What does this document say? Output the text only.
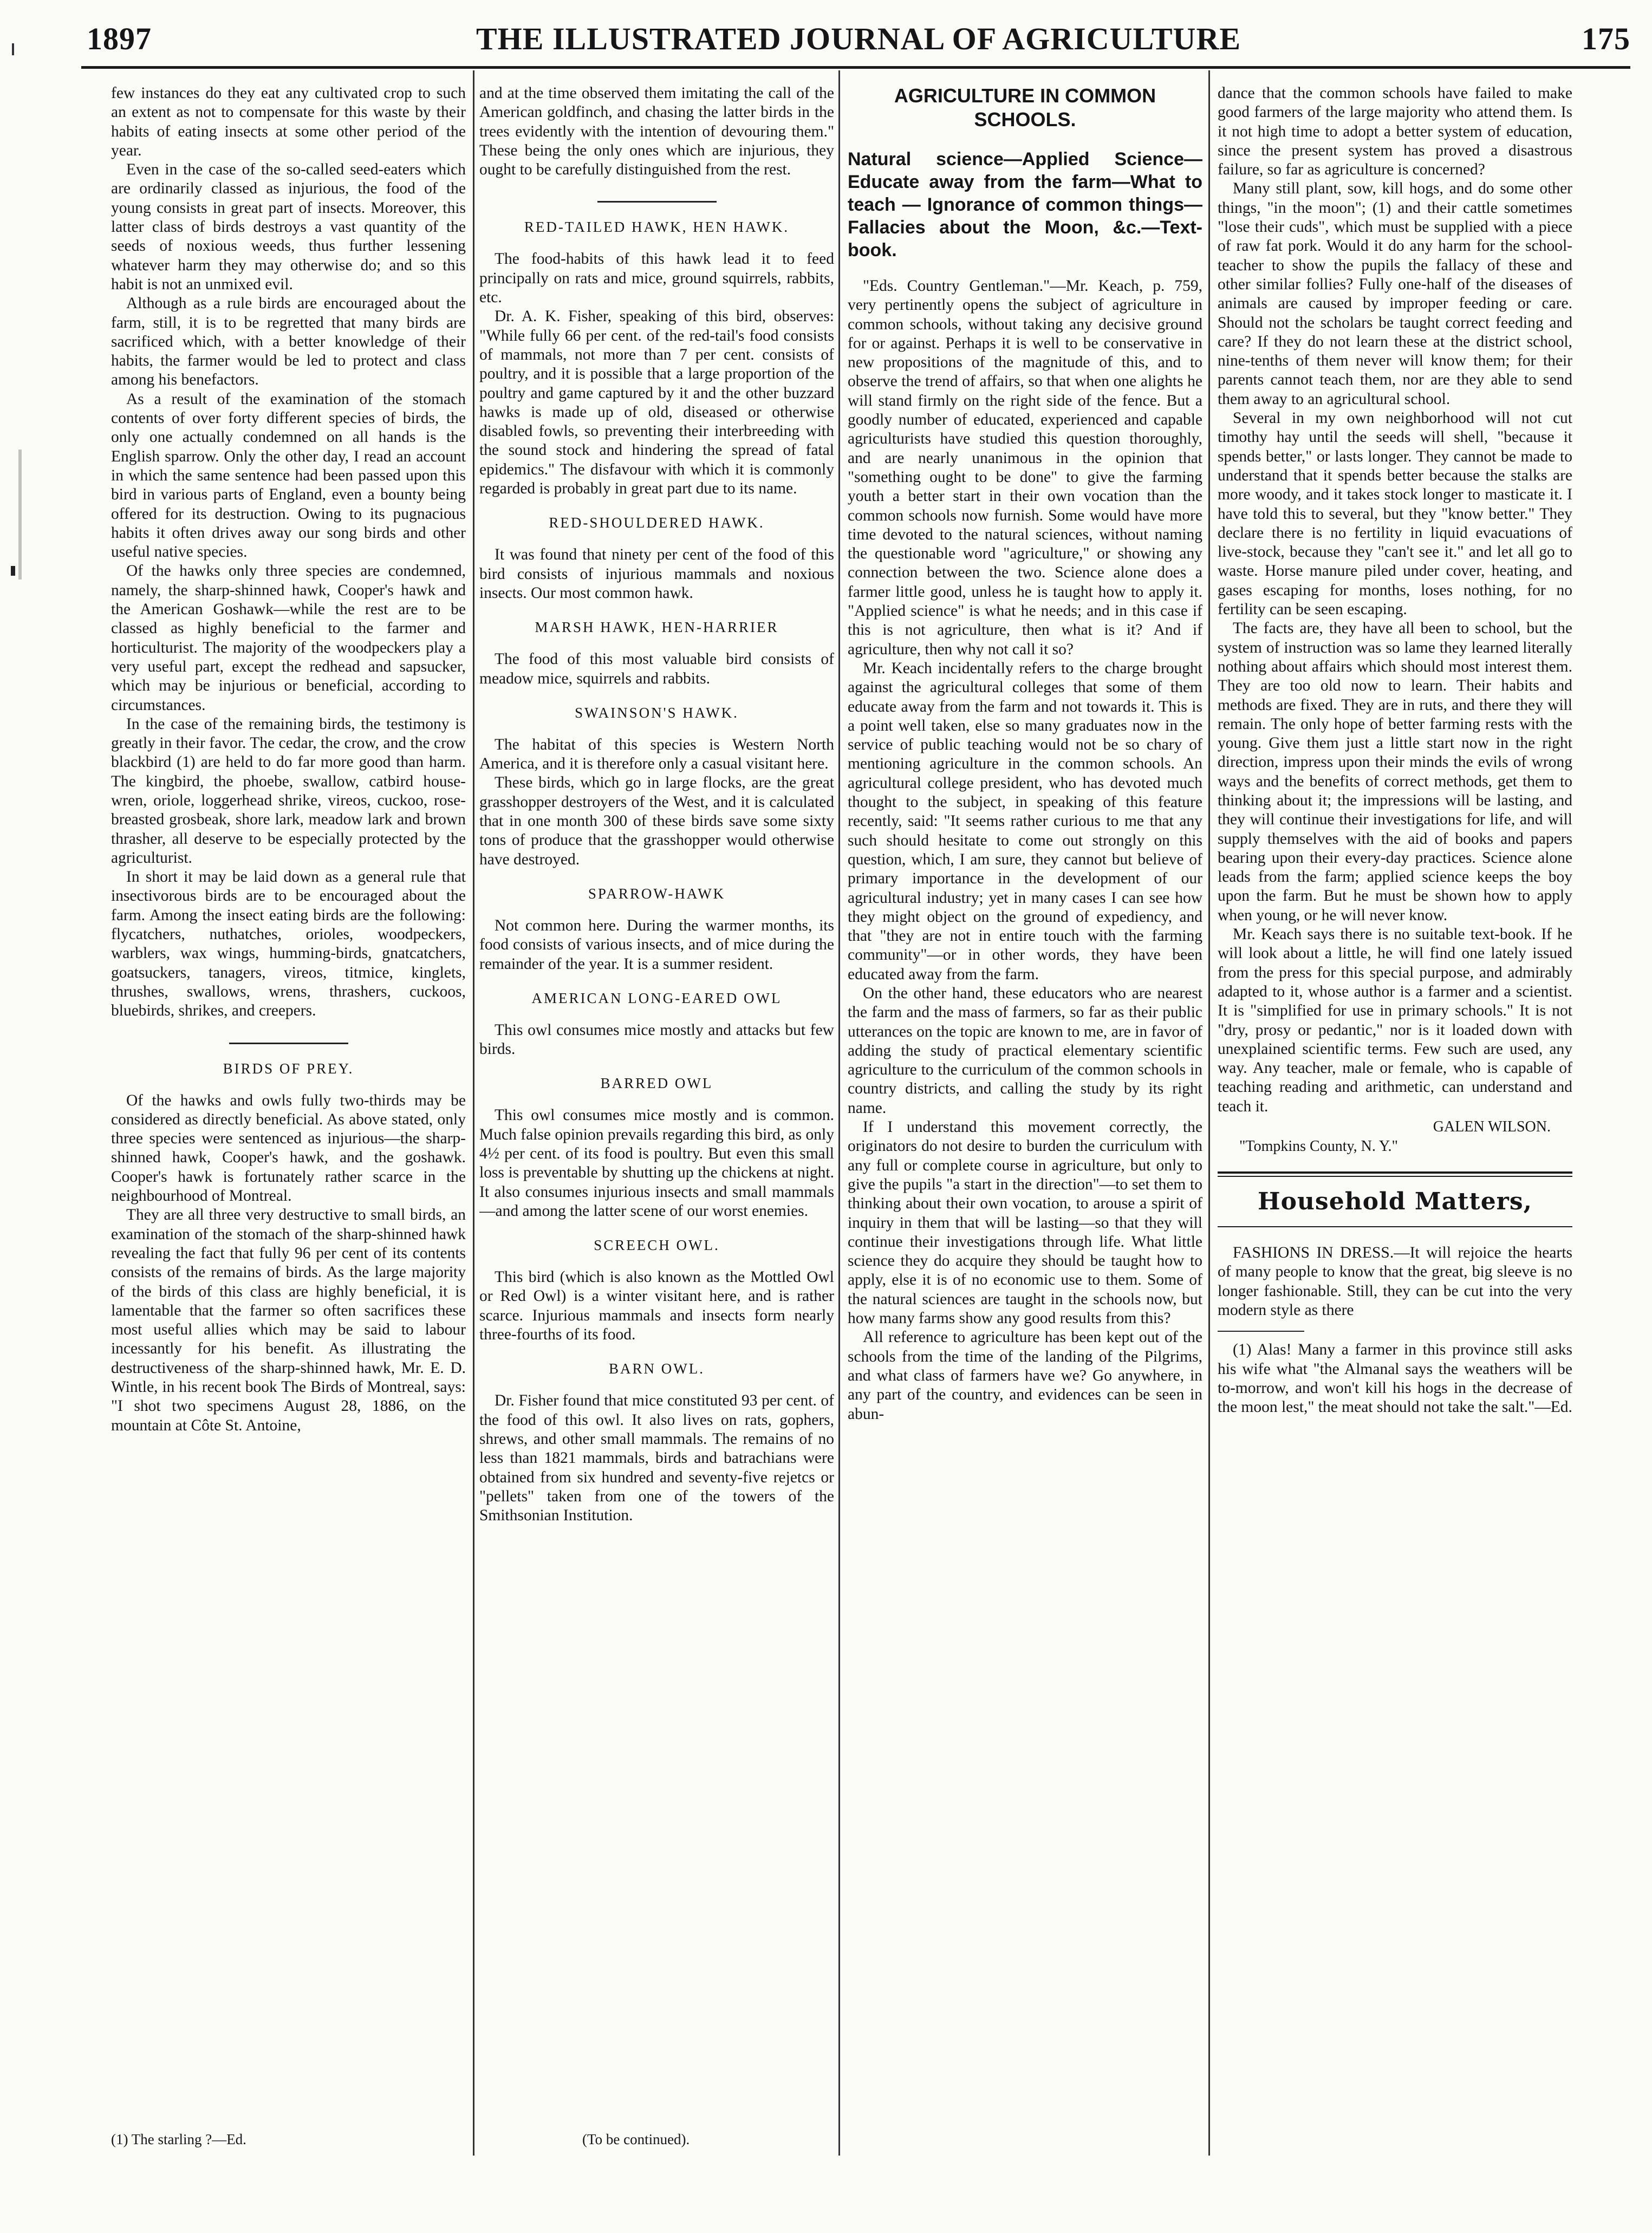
1897	THE ILLUSTRATED JOURNAL OF AGRICULTURE	175

few instances do they eat any cultivated crop to such an extent as not to compensate for this waste by their habits of eating insects at some other period of the year.

Even in the case of the so-called seed-eaters which are ordinarily classed as injurious, the food of the young consists in great part of insects. Moreover, this latter class of birds destroys a vast quantity of the seeds of noxious weeds, thus further lessening whatever harm they may otherwise do; and so this habit is not an unmixed evil.

Although as a rule birds are encouraged about the farm, still, it is to be regretted that many birds are sacrificed which, with a better knowledge of their habits, the farmer would be led to protect and class among his benefactors.

As a result of the examination of the stomach contents of over forty different species of birds, the only one actually condemned on all hands is the English sparrow. Only the other day, I read an account in which the same sentence had been passed upon this bird in various parts of England, even a bounty being offered for its destruction. Owing to its pugnacious habits it often drives away our song birds and other useful native species.

Of the hawks only three species are condemned, namely, the sharp-shinned hawk, Cooper's hawk and the American Goshawk—while the rest are to be classed as highly beneficial to the farmer and horticulturist. The majority of the woodpeckers play a very useful part, except the redhead and sapsucker, which may be injurious or beneficial, according to circumstances.

In the case of the remaining birds, the testimony is greatly in their favor. The cedar, the crow, and the crow blackbird (1) are held to do far more good than harm. The kingbird, the phoebe, swallow, catbird house-wren, oriole, loggerhead shrike, vireos, cuckoo, rose-breasted grosbeak, shore lark, meadow lark and brown thrasher, all deserve to be especially protected by the agriculturist.

In short it may be laid down as a general rule that insectivorous birds are to be encouraged about the farm. Among the insect eating birds are the following: flycatchers, nuthatches, orioles, woodpeckers, warblers, wax wings, humming-birds, gnatcatchers, goatsuckers, tanagers, vireos, titmice, kinglets, thrushes, swallows, wrens, thrashers, cuckoos, bluebirds, shrikes, and creepers.

BIRDS OF PREY.

Of the hawks and owls fully two-thirds may be considered as directly beneficial. As above stated, only three species were sentenced as injurious—the sharp-shinned hawk, Cooper's hawk, and the goshawk. Cooper's hawk is fortunately rather scarce in the neighbourhood of Montreal.

They are all three very destructive to small birds, an examination of the stomach of the sharp-shinned hawk revealing the fact that fully 96 per cent of its contents consists of the remains of birds. As the large majority of the birds of this class are highly beneficial, it is lamentable that the farmer so often sacrifices these most useful allies which may be said to labour incessantly for his benefit. As illustrating the destructiveness of the sharp-shinned hawk, Mr. E. D. Wintle, in his recent book The Birds of Montreal, says: "I shot two specimens August 28, 1886, on the mountain at Côte St. Antoine,

(1) The starling ?—Ed.

and at the time observed them imitating the call of the American goldfinch, and chasing the latter birds in the trees evidently with the intention of devouring them." These being the only ones which are injurious, they ought to be carefully distinguished from the rest.

RED-TAILED HAWK, HEN HAWK.

The food-habits of this hawk lead it to feed principally on rats and mice, ground squirrels, rabbits, etc.

Dr. A. K. Fisher, speaking of this bird, observes: "While fully 66 per cent. of the red-tail's food consists of mammals, not more than 7 per cent. consists of poultry, and it is possible that a large proportion of the poultry and game captured by it and the other buzzard hawks is made up of old, diseased or otherwise disabled fowls, so preventing their interbreeding with the sound stock and hindering the spread of fatal epidemics." The disfavour with which it is commonly regarded is probably in great part due to its name.

RED-SHOULDERED HAWK.

It was found that ninety per cent of the food of this bird consists of injurious mammals and noxious insects. Our most common hawk.

MARSH HAWK, HEN-HARRIER

The food of this most valuable bird consists of meadow mice, squirrels and rabbits.

SWAINSON'S HAWK.

The habitat of this species is Western North America, and it is therefore only a casual visitant here.

These birds, which go in large flocks, are the great grasshopper destroyers of the West, and it is calculated that in one month 300 of these birds save some sixty tons of produce that the grasshopper would otherwise have destroyed.

SPARROW-HAWK

Not common here. During the warmer months, its food consists of various insects, and of mice during the remainder of the year. It is a summer resident.

AMERICAN LONG-EARED OWL

This owl consumes mice mostly and attacks but few birds.

BARRED OWL

This owl consumes mice mostly and is common. Much false opinion prevails regarding this bird, as only 4½ per cent. of its food is poultry. But even this small loss is preventable by shutting up the chickens at night. It also consumes injurious insects and small mammals—and among the latter scene of our worst enemies.

SCREECH OWL.

This bird (which is also known as the Mottled Owl or Red Owl) is a winter visitant here, and is rather scarce. Injurious mammals and insects form nearly three-fourths of its food.

BARN OWL.

Dr. Fisher found that mice constituted 93 per cent. of the food of this owl. It also lives on rats, gophers, shrews, and other small mammals. The remains of no less than 1821 mammals, birds and batrachians were obtained from six hundred and seventy-five rejetcs or "pellets" taken from one of the towers of the Smithsonian Institution.

(To be continued).
AGRICULTURE IN COMMON SCHOOLS.
Natural science—Applied Science—Educate away from the farm—What to teach — Ignorance of common things—Fallacies about the Moon, &c.—Text-book.

"Eds. Country Gentleman."—Mr. Keach, p. 759, very pertinently opens the subject of agriculture in common schools, without taking any decisive ground for or against. Perhaps it is well to be conservative in new propositions of the magnitude of this, and to observe the trend of affairs, so that when one alights he will stand firmly on the right side of the fence. But a goodly number of educated, experienced and capable agriculturists have studied this question thoroughly, and are nearly unanimous in the opinion that "something ought to be done" to give the farming youth a better start in their own vocation than the common schools now furnish. Some would have more time devoted to the natural sciences, without naming the questionable word "agriculture," or showing any connection between the two. Science alone does a farmer little good, unless he is taught how to apply it. "Applied science" is what he needs; and in this case if this is not agriculture, then what is it? And if agriculture, then why not call it so?

Mr. Keach incidentally refers to the charge brought against the agricultural colleges that some of them educate away from the farm and not towards it. This is a point well taken, else so many graduates now in the service of public teaching would not be so chary of mentioning agriculture in the common schools. An agricultural college president, who has devoted much thought to the subject, in speaking of this feature recently, said: "It seems rather curious to me that any such should hesitate to come out strongly on this question, which, I am sure, they cannot but believe of primary importance in the development of our agricultural industry; yet in many cases I can see how they might object on the ground of expediency, and that "they are not in entire touch with the farming community"—or in other words, they have been educated away from the farm.

On the other hand, these educators who are nearest the farm and the mass of farmers, so far as their public utterances on the topic are known to me, are in favor of adding the study of practical elementary scientific agriculture to the curriculum of the common schools in country districts, and calling the study by its right name.

If I understand this movement correctly, the originators do not desire to burden the curriculum with any full or complete course in agriculture, but only to give the pupils "a start in the direction"—to set them to thinking about their own vocation, to arouse a spirit of inquiry in them that will be lasting—so that they will continue their investigations through life. What little science they do acquire they should be taught how to apply, else it is of no economic use to them. Some of the natural sciences are taught in the schools now, but how many farms show any good results from this?

All reference to agriculture has been kept out of the schools from the time of the landing of the Pilgrims, and what class of farmers have we? Go anywhere, in any part of the country, and evidences can be seen in abun-

dance that the common schools have failed to make good farmers of the large majority who attend them. Is it not high time to adopt a better system of education, since the present system has proved a disastrous failure, so far as agriculture is concerned?

Many still plant, sow, kill hogs, and do some other things, "in the moon"; (1) and their cattle sometimes "lose their cuds", which must be supplied with a piece of raw fat pork. Would it do any harm for the school-teacher to show the pupils the fallacy of these and other similar follies? Fully one-half of the diseases of animals are caused by improper feeding or care. Should not the scholars be taught correct feeding and care? If they do not learn these at the district school, nine-tenths of them never will know them; for their parents cannot teach them, nor are they able to send them away to an agricultural school.

Several in my own neighborhood will not cut timothy hay until the seeds will shell, "because it spends better," or lasts longer. They cannot be made to understand that it spends better because the stalks are more woody, and it takes stock longer to masticate it. I have told this to several, but they "know better." They declare there is no fertility in liquid evacuations of live-stock, because they "can't see it." and let all go to waste. Horse manure piled under cover, heating, and gases escaping for months, loses nothing, for no fertility can be seen escaping.

The facts are, they have all been to school, but the system of instruction was so lame they learned literally nothing about affairs which should most interest them. They are too old now to learn. Their habits and methods are fixed. They are in ruts, and there they will remain. The only hope of better farming rests with the young. Give them just a little start now in the right direction, impress upon their minds the evils of wrong ways and the benefits of correct methods, get them to thinking about it; the impressions will be lasting, and they will continue their investigations for life, and will supply themselves with the aid of books and papers bearing upon their every-day practices. Science alone leads from the farm; applied science keeps the boy upon the farm. But he must be shown how to apply when young, or he will never know.

Mr. Keach says there is no suitable text-book. If he will look about a little, he will find one lately issued from the press for this special purpose, and admirably adapted to it, whose author is a farmer and a scientist. It is "simplified for use in primary schools." It is not "dry, prosy or pedantic," nor is it loaded down with unexplained scientific terms. Few such are used, any way. Any teacher, male or female, who is capable of teaching reading and arithmetic, can understand and teach it.

GALEN WILSON.
"Tompkins County, N. Y."
Household Matters,

FASHIONS IN DRESS.—It will rejoice the hearts of many people to know that the great, big sleeve is no longer fashionable. Still, they can be cut into the very modern style as there

(1) Alas! Many a farmer in this province still asks his wife what "the Almanal says the weathers will be to-morrow, and won't kill his hogs in the decrease of the moon lest," the meat should not take the salt."—Ed.
